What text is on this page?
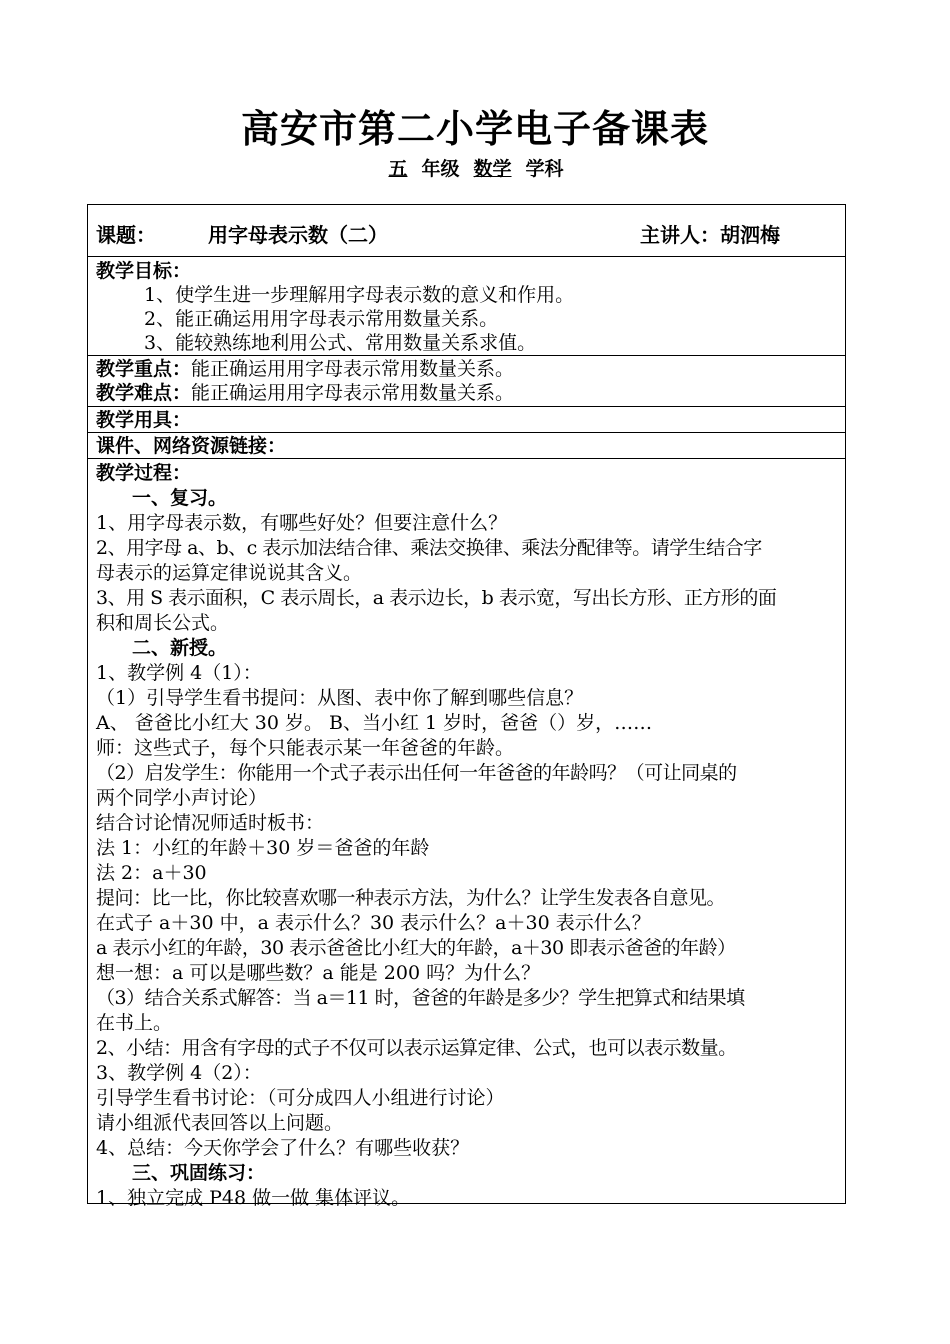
高安市第二小学电子备课表
五 年级 数学 学科
课题：	用字母表示数（二）	主讲人：胡泗梅
教学目标：
1、使学生进一步理解用字母表示数的意义和作用。
2、能正确运用用字母表示常用数量关系。
3、能较熟练地利用公式、常用数量关系求值。
教学重点：能正确运用用字母表示常用数量关系。
教学难点：能正确运用用字母表示常用数量关系。
教学用具：
课件、网络资源链接：
教学过程：
一、复习。
1、用字母表示数，有哪些好处？但要注意什么？
2、用字母 a、b、c 表示加法结合律、乘法交换律、乘法分配律等。请学生结合字
母表示的运算定律说说其含义。
3、用 S 表示面积，C 表示周长，a 表示边长，b 表示宽，写出长方形、正方形的面
积和周长公式。
二、新授。
1、教学例 4（1）：
（1）引导学生看书提问：从图、表中你了解到哪些信息？
A、 爸爸比小红大 30 岁。 B、当小红 1 岁时，爸爸（）岁，……
师：这些式子，每个只能表示某一年爸爸的年龄。
（2）启发学生：你能用一个式子表示出任何一年爸爸的年龄吗？（可让同桌的
两个同学小声讨论）
结合讨论情况师适时板书：
法 1：小红的年龄＋30 岁＝爸爸的年龄
法 2：a＋30
提问：比一比，你比较喜欢哪一种表示方法，为什么？让学生发表各自意见。
在式子 a＋30 中，a 表示什么？30 表示什么？a＋30 表示什么？
a 表示小红的年龄，30 表示爸爸比小红大的年龄，a＋30 即表示爸爸的年龄）
想一想：a 可以是哪些数？a 能是 200 吗？为什么？
（3）结合关系式解答：当 a＝11 时，爸爸的年龄是多少？学生把算式和结果填
在书上。
2、小结：用含有字母的式子不仅可以表示运算定律、公式，也可以表示数量。
3、教学例 4（2）：
引导学生看书讨论：（可分成四人小组进行讨论）
请小组派代表回答以上问题。
4、总结：今天你学会了什么？有哪些收获？
三、巩固练习：
1、独立完成 P48 做一做 集体评议。
